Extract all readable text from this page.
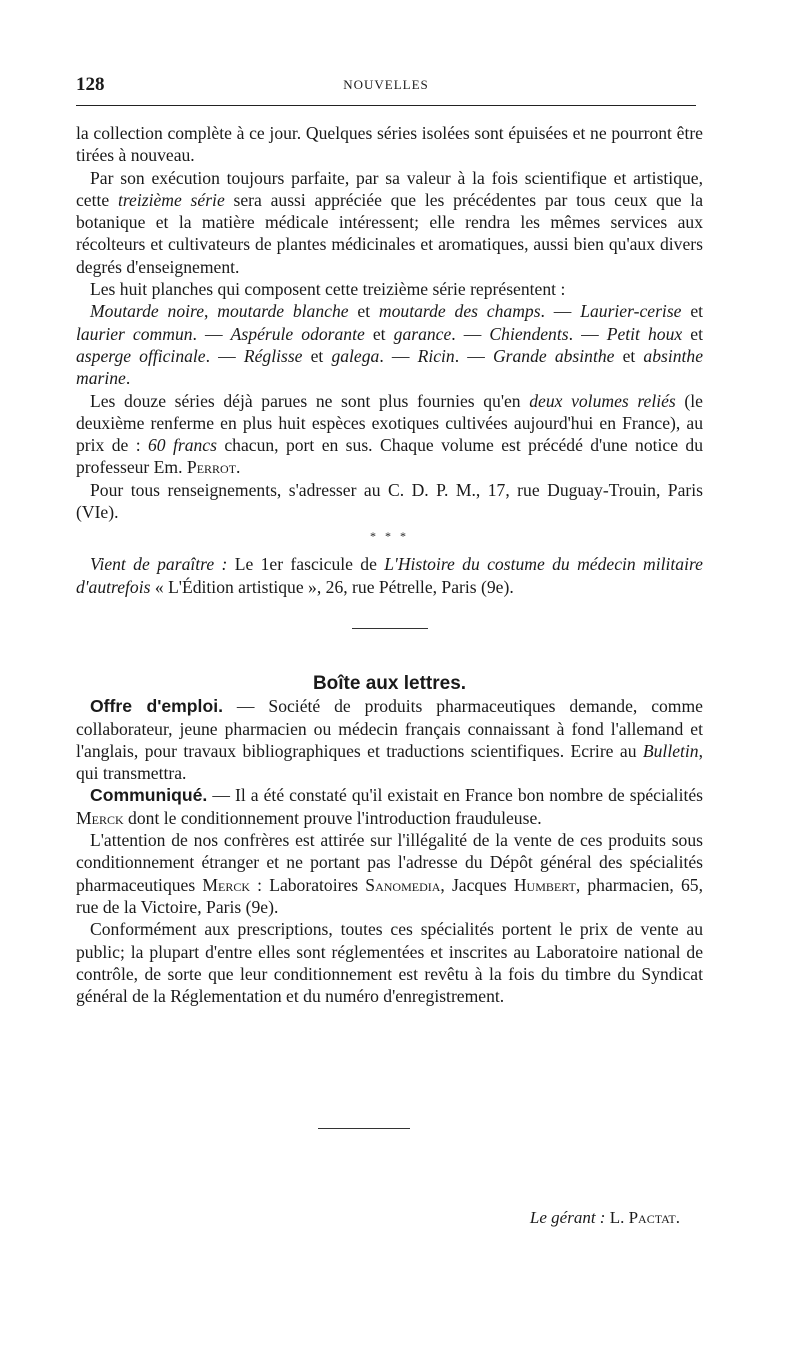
128	NOUVELLES

la collection complète à ce jour. Quelques séries isolées sont épuisées et ne pourront être tirées à nouveau.

Par son exécution toujours parfaite, par sa valeur à la fois scientifique et artistique, cette treizième série sera aussi appréciée que les précédentes par tous ceux que la botanique et la matière médicale intéressent; elle rendra les mêmes services aux récolteurs et cultivateurs de plantes médicinales et aromatiques, aussi bien qu'aux divers degrés d'enseignement.

Les huit planches qui composent cette treizième série représentent :

Moutarde noire, moutarde blanche et moutarde des champs. — Laurier-cerise et laurier commun. — Aspérule odorante et garance. — Chiendents. — Petit houx et asperge officinale. — Réglisse et galega. — Ricin. — Grande absinthe et absinthe marine.

Les douze séries déjà parues ne sont plus fournies qu'en deux volumes reliés (le deuxième renferme en plus huit espèces exotiques cultivées aujourd'hui en France), au prix de : 60 francs chacun, port en sus. Chaque volume est précédé d'une notice du professeur Em. Perrot.

Pour tous renseignements, s'adresser au C. D. P. M., 17, rue Duguay-Trouin, Paris (VIe).

* * *

Vient de paraître : Le 1er fascicule de L'Histoire du costume du médecin militaire d'autrefois « L'Édition artistique », 26, rue Pétrelle, Paris (9e).

Boîte aux lettres.

Offre d'emploi. — Société de produits pharmaceutiques demande, comme collaborateur, jeune pharmacien ou médecin français connaissant à fond l'allemand et l'anglais, pour travaux bibliographiques et traductions scientifiques. Ecrire au Bulletin, qui transmettra.

Communiqué. — Il a été constaté qu'il existait en France bon nombre de spécialités Merck dont le conditionnement prouve l'introduction frauduleuse.

L'attention de nos confrères est attirée sur l'illégalité de la vente de ces produits sous conditionnement étranger et ne portant pas l'adresse du Dépôt général des spécialités pharmaceutiques Merck : Laboratoires Sanomedia, Jacques Humbert, pharmacien, 65, rue de la Victoire, Paris (9e).

Conformément aux prescriptions, toutes ces spécialités portent le prix de vente au public; la plupart d'entre elles sont réglementées et inscrites au Laboratoire national de contrôle, de sorte que leur conditionnement est revêtu à la fois du timbre du Syndicat général de la Réglementation et du numéro d'enregistrement.

Le gérant : L. Pactat.
